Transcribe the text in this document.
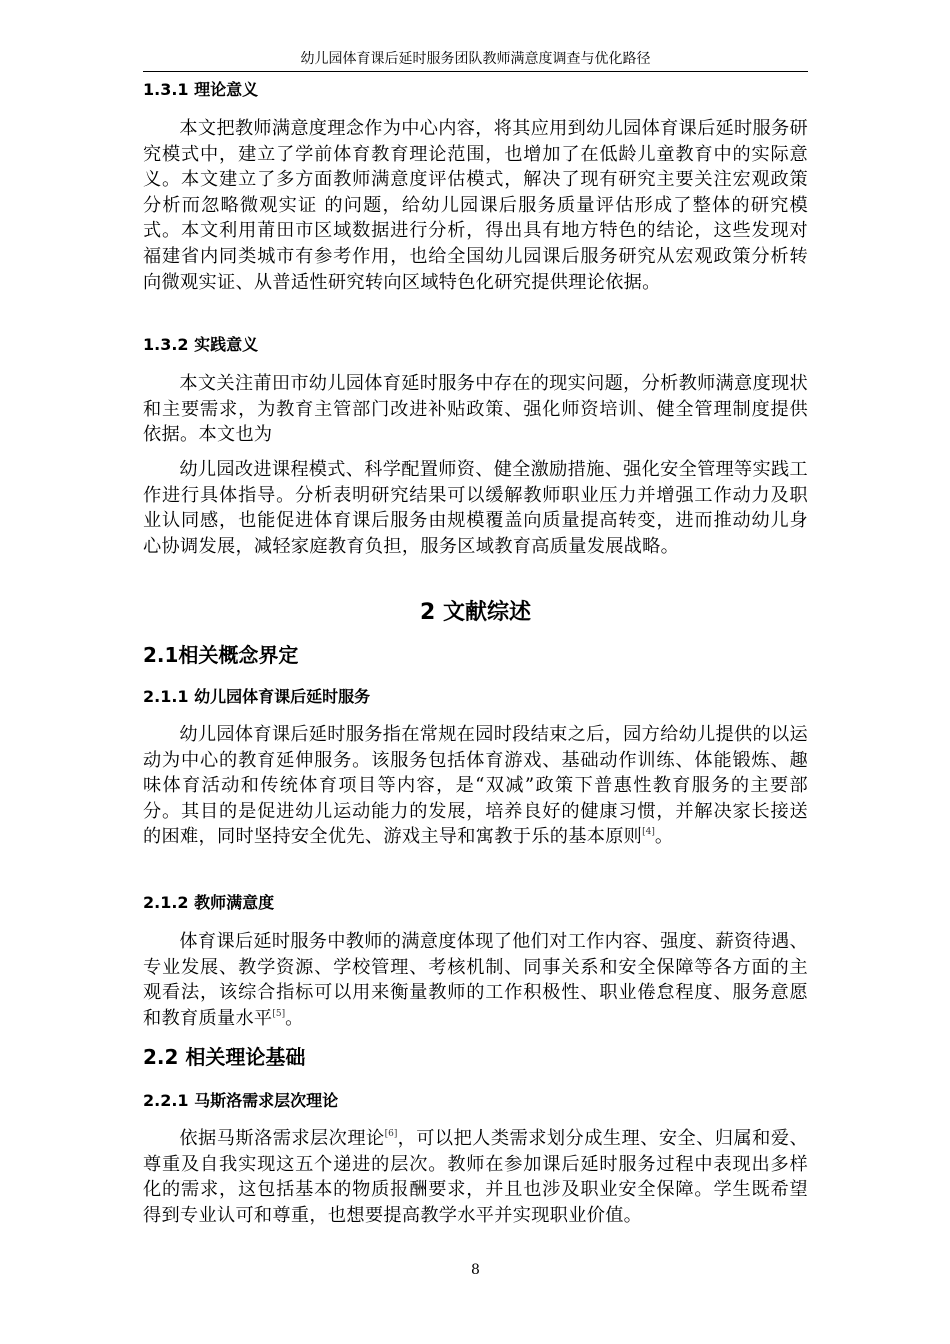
幼儿园体育课后延时服务团队教师满意度调查与优化路径
1.3.1 理论意义
本文把教师满意度理念作为中心内容，将其应用到幼儿园体育课后延时服务研究模式中，建立了学前体育教育理论范围，也增加了在低龄儿童教育中的实际意义。本文建立了多方面教师满意度评估模式，解决了现有研究主要关注宏观政策分析而忽略微观实证 的问题，给幼儿园课后服务质量评估形成了整体的研究模式。本文利用莆田市区域数据进行分析，得出具有地方特色的结论，这些发现对福建省内同类城市有参考作用，也给全国幼儿园课后服务研究从宏观政策分析转向微观实证、从普适性研究转向区域特色化研究提供理论依据。
1.3.2 实践意义
本文关注莆田市幼儿园体育延时服务中存在的现实问题，分析教师满意度现状和主要需求，为教育主管部门改进补贴政策、强化师资培训、健全管理制度提供依据。本文也为
幼儿园改进课程模式、科学配置师资、健全激励措施、强化安全管理等实践工作进行具体指导。分析表明研究结果可以缓解教师职业压力并增强工作动力及职业认同感，也能促进体育课后服务由规模覆盖向质量提高转变，进而推动幼儿身心协调发展，减轻家庭教育负担，服务区域教育高质量发展战略。
2 文献综述
2.1相关概念界定
2.1.1 幼儿园体育课后延时服务
幼儿园体育课后延时服务指在常规在园时段结束之后，园方给幼儿提供的以运动为中心的教育延伸服务。该服务包括体育游戏、基础动作训练、体能锻炼、趣味体育活动和传统体育项目等内容，是“双减”政策下普惠性教育服务的主要部分。其目的是促进幼儿运动能力的发展，培养良好的健康习惯，并解决家长接送的困难，同时坚持安全优先、游戏主导和寓教于乐的基本原则[4]。
2.1.2 教师满意度
体育课后延时服务中教师的满意度体现了他们对工作内容、强度、薪资待遇、专业发展、教学资源、学校管理、考核机制、同事关系和安全保障等各方面的主观看法，该综合指标可以用来衡量教师的工作积极性、职业倦怠程度、服务意愿和教育质量水平[5]。
2.2 相关理论基础
2.2.1 马斯洛需求层次理论
依据马斯洛需求层次理论[6]，可以把人类需求划分成生理、安全、归属和爱、尊重及自我实现这五个递进的层次。教师在参加课后延时服务过程中表现出多样化的需求，这包括基本的物质报酬要求，并且也涉及职业安全保障。学生既希望得到专业认可和尊重，也想要提高教学水平并实现职业价值。
8
